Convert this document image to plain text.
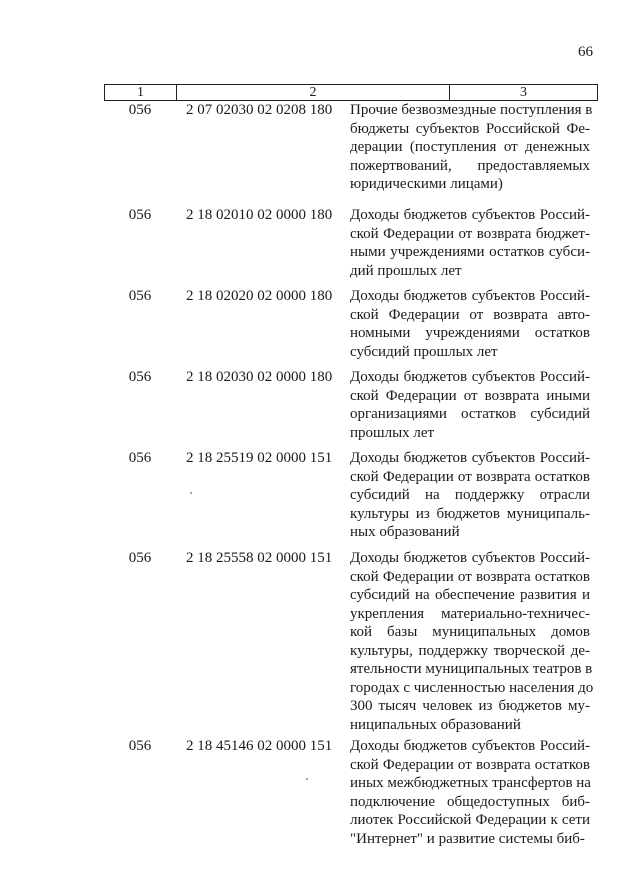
66
1	2	3
056	2 07 02030 02 0208 180	Прочие безвозмездные поступления в
бюджеты субъектов Российской Фе-
дерации (поступления от денежных
пожертвований, предоставляемых
юридическими лицами)
056	2 18 02010 02 0000 180	Доходы бюджетов субъектов Россий-
ской Федерации от возврата бюджет-
ными учреждениями остатков субси-
дий прошлых лет
056	2 18 02020 02 0000 180	Доходы бюджетов субъектов Россий-
ской Федерации от возврата авто-
номными учреждениями остатков
субсидий прошлых лет
056	2 18 02030 02 0000 180	Доходы бюджетов субъектов Россий-
ской Федерации от возврата иными
организациями остатков субсидий
прошлых лет
056	2 18 25519 02 0000 151	Доходы бюджетов субъектов Россий-
ской Федерации от возврата остатков
субсидий на поддержку отрасли
культуры из бюджетов муниципаль-
ных образований
056	2 18 25558 02 0000 151	Доходы бюджетов субъектов Россий-
ской Федерации от возврата остатков
субсидий на обеспечение развития и
укрепления материально-техничес-
кой базы муниципальных домов
культуры, поддержку творческой де-
ятельности муниципальных театров в
городах с численностью населения до
300 тысяч человек из бюджетов му-
ниципальных образований
056	2 18 45146 02 0000 151	Доходы бюджетов субъектов Россий-
ской Федерации от возврата остатков
иных межбюджетных трансфертов на
подключение общедоступных биб-
лиотек Российской Федерации к сети
"Интернет" и развитие системы биб-
